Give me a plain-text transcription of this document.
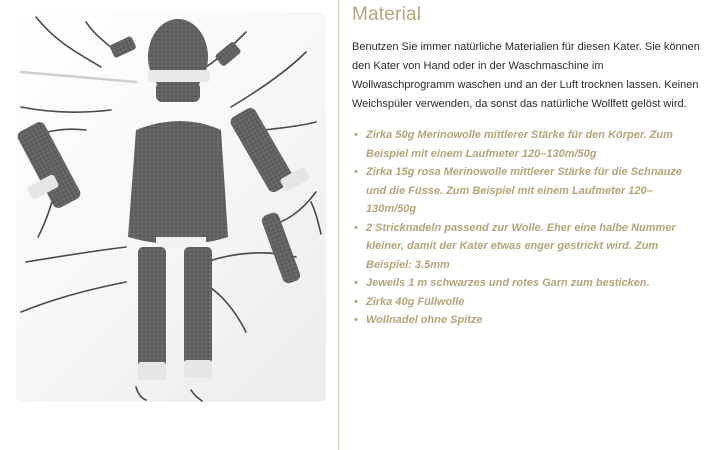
Material

Benutzen Sie immer natürliche Materialien für diesen Kater. Sie können den Kater von Hand oder in der Waschmaschine im Wollwaschprogramm waschen und an der Luft trocknen lassen. Keinen Weichspüler verwenden, da sonst das natürliche Wollfett gelöst wird.

• Zirka 50g Merinowolle mittlerer Stärke für den Körper. Zum Beispiel mit einem Laufmeter 120–130m/50g
• Zirka 15g rosa Merinowolle mittlerer Stärke für die Schnauze und die Füsse. Zum Beispiel mit einem Laufmeter 120–130m/50g
• 2 Stricknadeln passend zur Wolle. Eher eine halbe Nummer kleiner, damit der Kater etwas enger gestrickt wird. Zum Beispiel: 3.5mm
• Jeweils 1 m schwarzes und rotes Garn zum besticken.
• Zirka 40g Füllwolle
• Wollnadel ohne Spitze
